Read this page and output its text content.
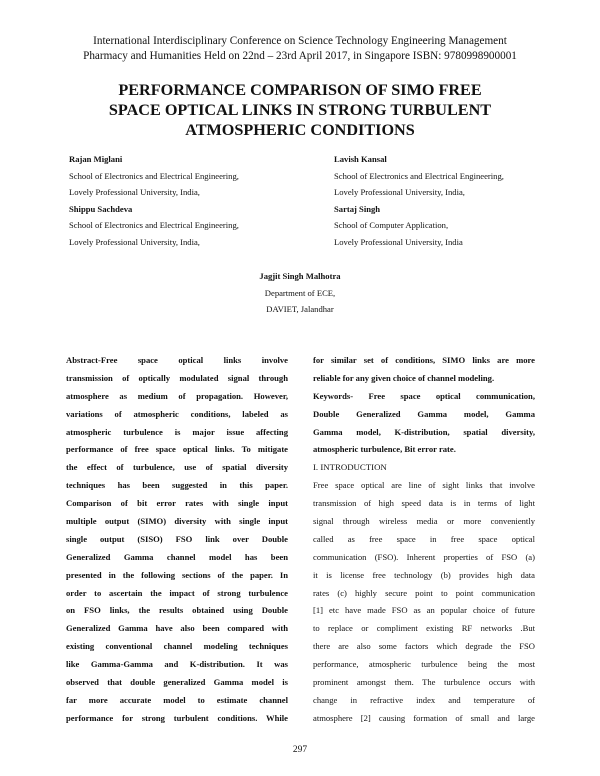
International Interdisciplinary Conference on Science Technology Engineering Management
Pharmacy and Humanities Held on 22nd – 23rd April 2017, in Singapore ISBN: 9780998900001
PERFORMANCE COMPARISON OF SIMO FREE
SPACE OPTICAL LINKS IN STRONG TURBULENT
ATMOSPHERIC CONDITIONS
Rajan Miglani
School of Electronics and Electrical Engineering,
Lovely Professional University, India,
Shippu Sachdeva
School of Electronics and Electrical Engineering,
Lovely Professional University, India,
Lavish Kansal
School of Electronics and Electrical Engineering,
Lovely Professional University, India,
Sartaj Singh
School of Computer Application,
Lovely Professional University, India
Jagjit Singh Malhotra
Department of ECE,
DAVIET, Jalandhar
Abstract-Free space optical links involve
transmission of optically modulated signal through
atmosphere as medium of propagation. However,
variations of atmospheric conditions, labeled as
atmospheric turbulence is major issue affecting
performance of free space optical links. To mitigate
the effect of turbulence, use of spatial diversity
techniques has been suggested in this paper.
Comparison of bit error rates with single input
multiple output (SIMO) diversity with single input
single output (SISO) FSO link over Double
Generalized Gamma channel model has been
presented in the following sections of the paper. In
order to ascertain the impact of strong turbulence
on FSO links, the results obtained using Double
Generalized Gamma have also been compared with
existing conventional channel modeling techniques
like Gamma-Gamma and K-distribution. It was
observed that double generalized Gamma model is
far more accurate model to estimate channel
performance for strong turbulent conditions. While
for similar set of conditions, SIMO links are more
reliable for any given choice of channel modeling.
Keywords- Free space optical communication,
Double Generalized Gamma model, Gamma
Gamma model, K-distribution, spatial diversity,
atmospheric turbulence, Bit error rate.
I. INTRODUCTION
Free space optical are line of sight links that involve
transmission of high speed data is in terms of light
signal through wireless media or more conveniently
called as free space in free space optical
communication (FSO). Inherent properties of FSO (a)
it is license free technology (b) provides high data
rates (c) highly secure point to point communication
[1] etc have made FSO as an popular choice of future
to replace or compliment existing RF networks .But
there are also some factors which degrade the FSO
performance, atmospheric turbulence being the most
prominent amongst them. The turbulence occurs with
change in refractive index and temperature of
atmosphere [2] causing formation of small and large
297
